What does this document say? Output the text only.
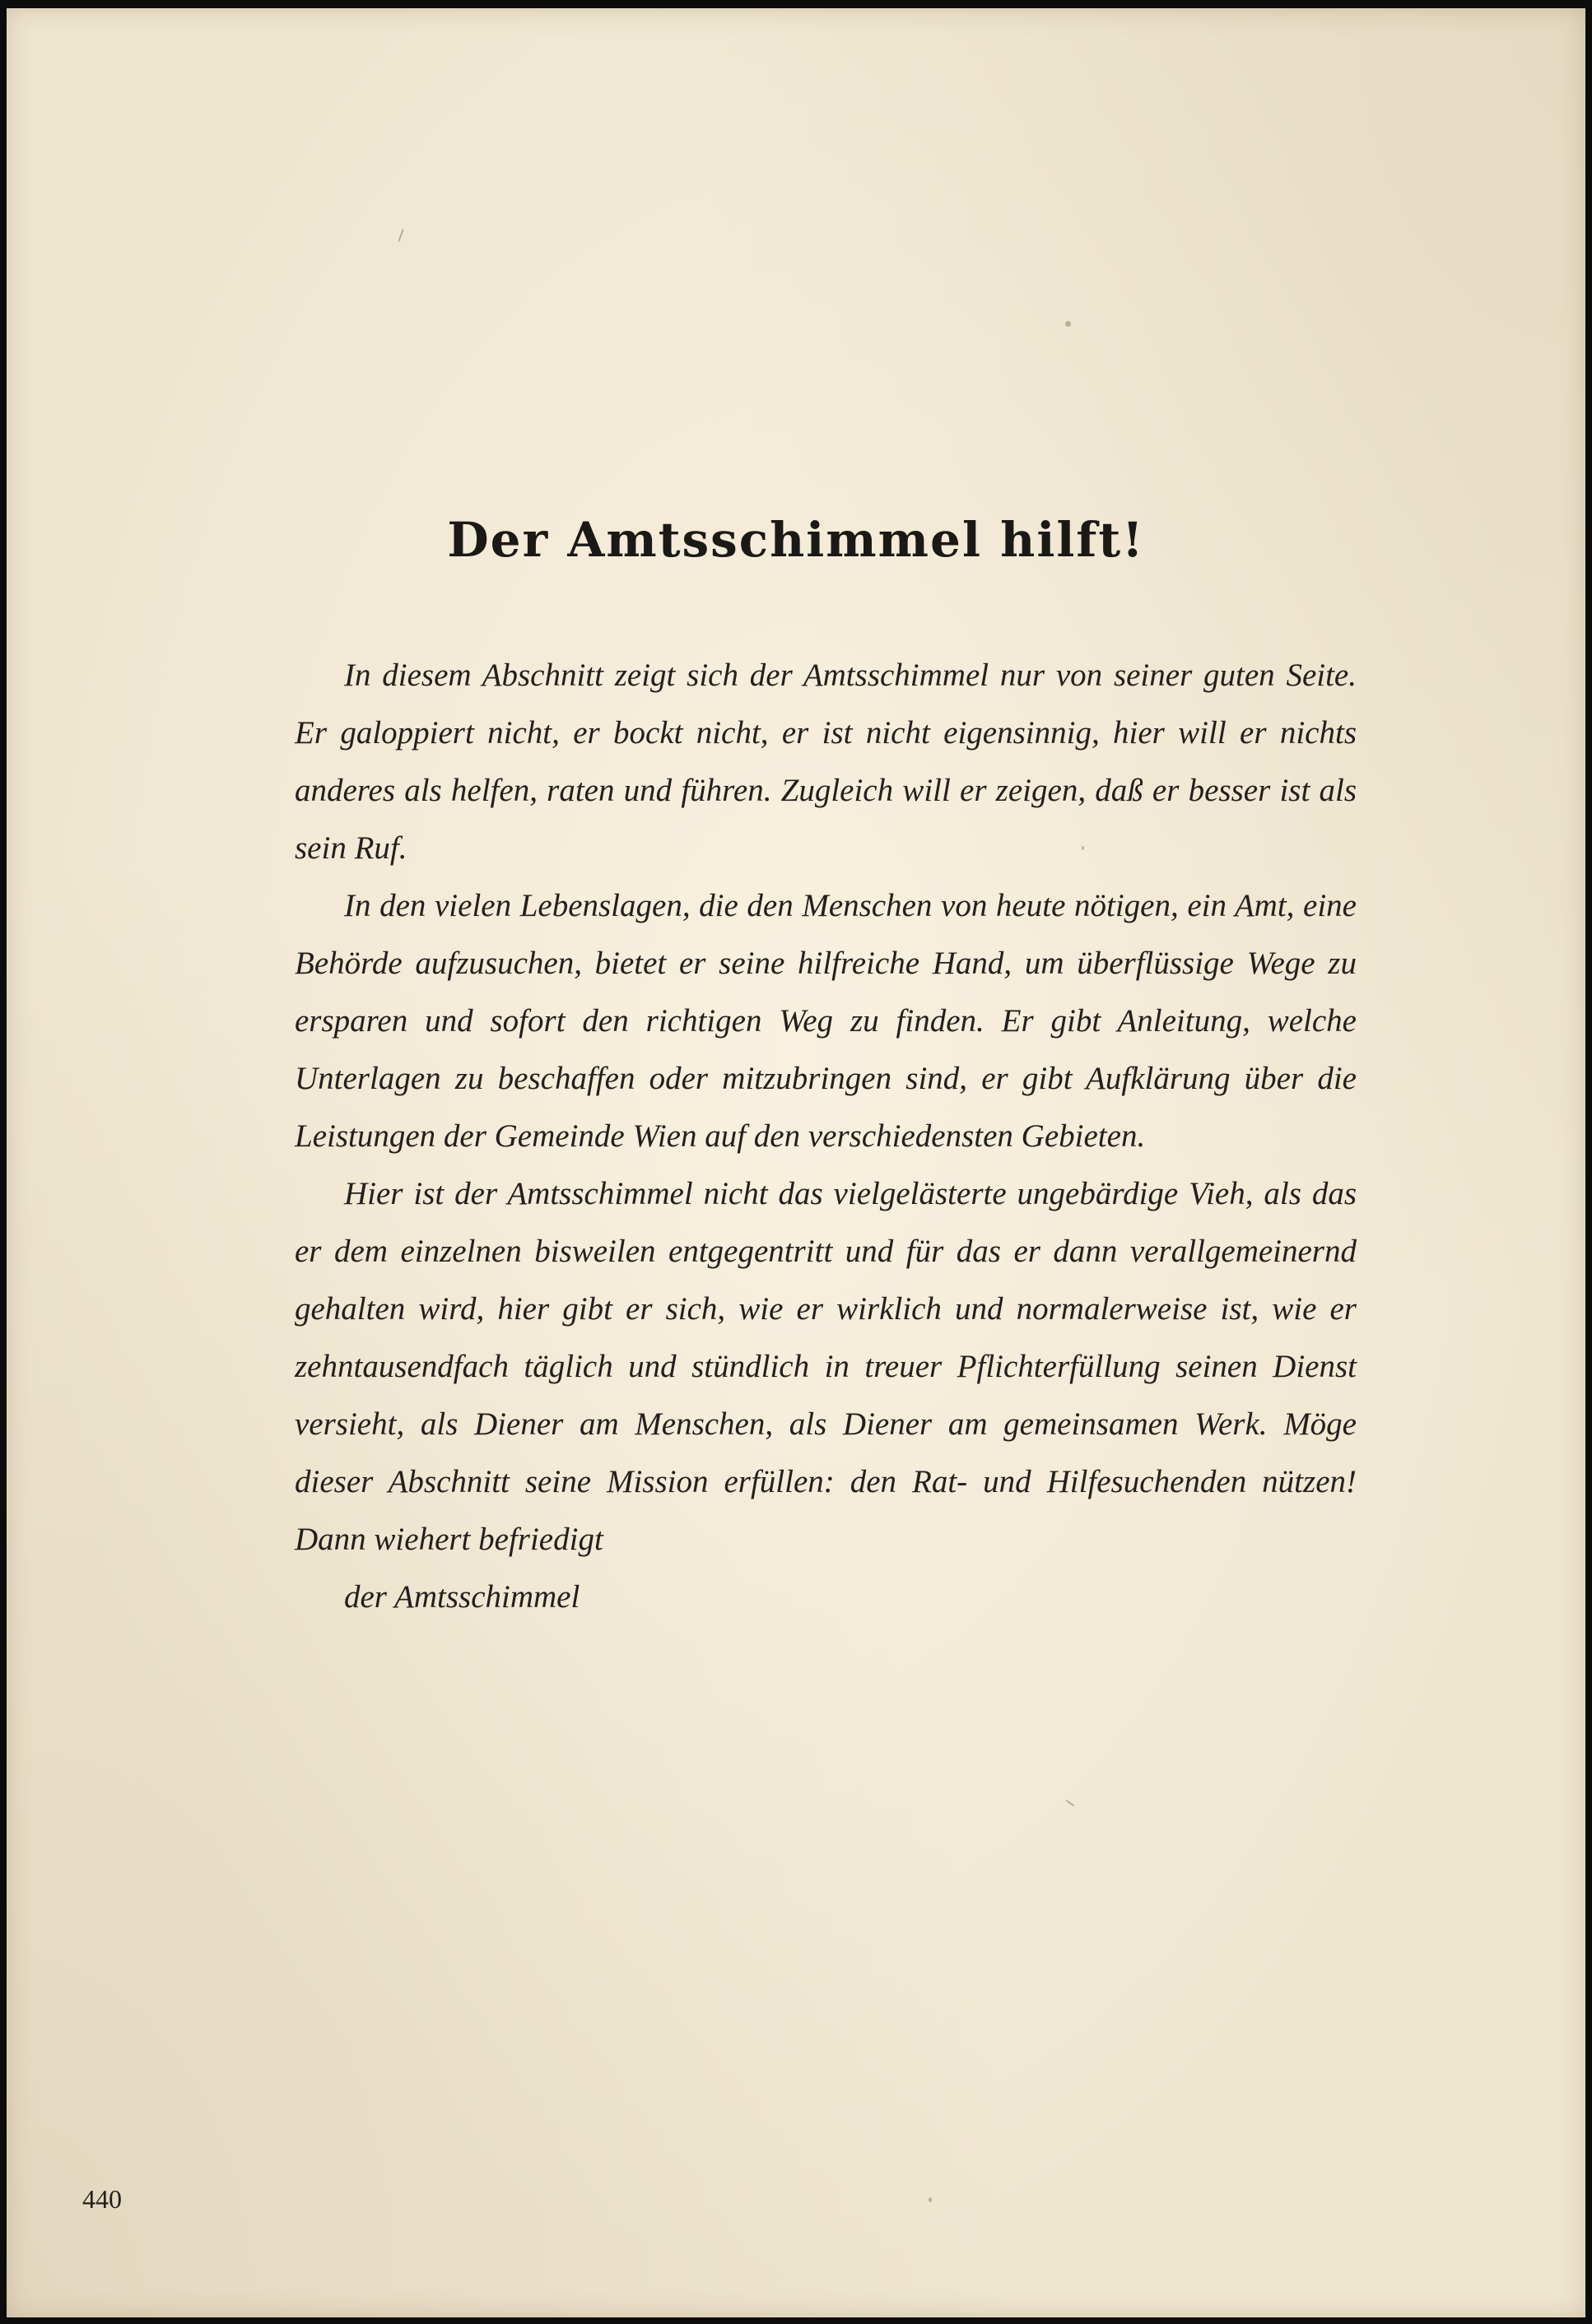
Der Amtsschimmel hilft!

In diesem Abschnitt zeigt sich der Amtsschimmel nur von seiner guten Seite. Er galoppiert nicht, er bockt nicht, er ist nicht eigensinnig, hier will er nichts anderes als helfen, raten und führen. Zugleich will er zeigen, daß er besser ist als sein Ruf.

In den vielen Lebenslagen, die den Menschen von heute nötigen, ein Amt, eine Behörde aufzusuchen, bietet er seine hilfreiche Hand, um überflüssige Wege zu ersparen und sofort den richtigen Weg zu finden. Er gibt Anleitung, welche Unterlagen zu beschaffen oder mitzubringen sind, er gibt Aufklärung über die Leistungen der Gemeinde Wien auf den verschiedensten Gebieten.

Hier ist der Amtsschimmel nicht das vielgelästerte ungebärdige Vieh, als das er dem einzelnen bisweilen entgegentritt und für das er dann verallgemeinernd gehalten wird, hier gibt er sich, wie er wirklich und normalerweise ist, wie er zehntausendfach täglich und stündlich in treuer Pflichterfüllung seinen Dienst versieht, als Diener am Menschen, als Diener am gemeinsamen Werk. Möge dieser Abschnitt seine Mission erfüllen: den Rat- und Hilfesuchenden nützen! Dann wiehert befriedigt

der Amtsschimmel

440
